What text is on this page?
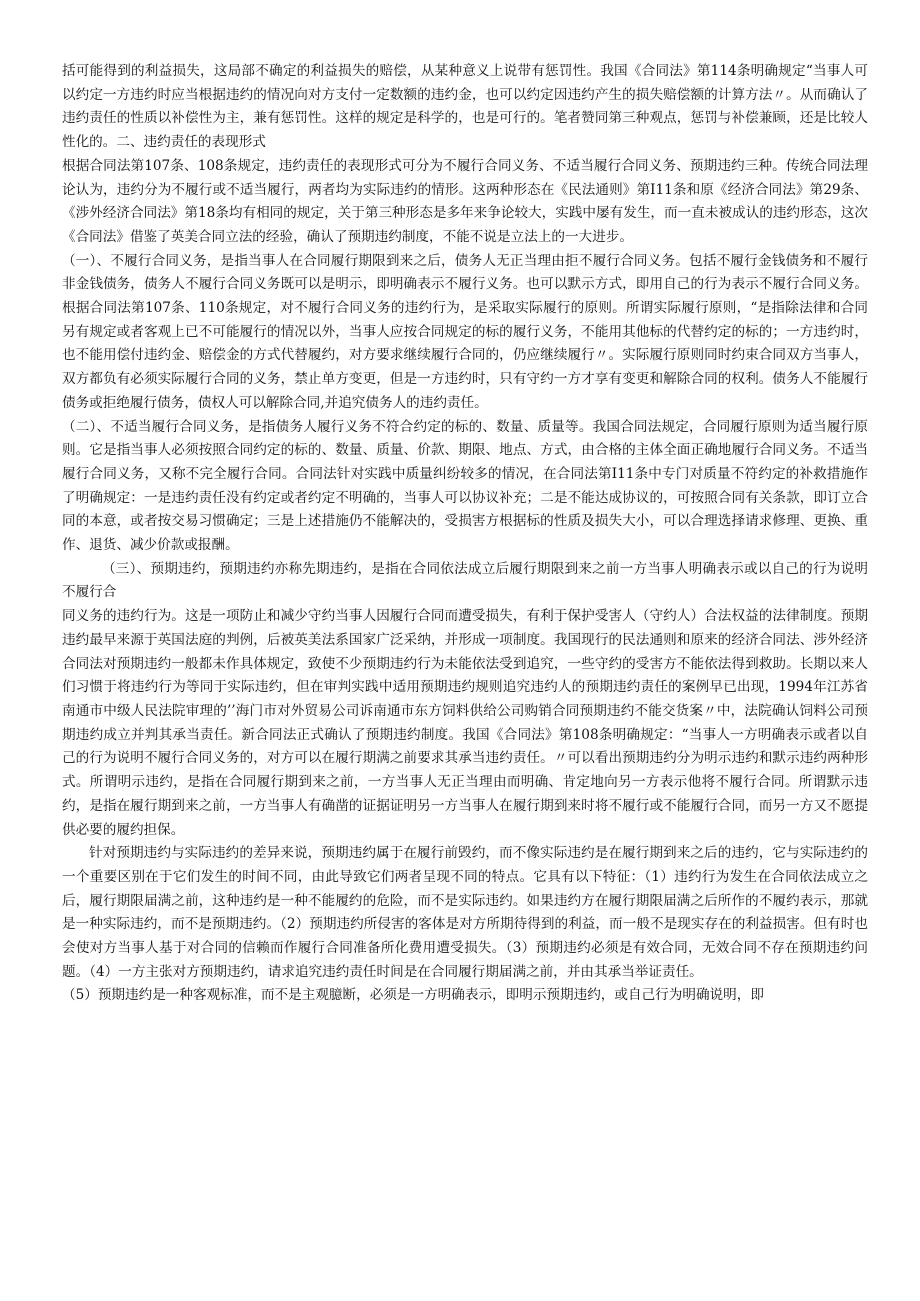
括可能得到的利益损失，这局部不确定的利益损失的赔偿，从某种意义上说带有惩罚性。我国《合同法》第114条明确规定“当事人可以约定一方违约时应当根据违约的情况向对方支付一定数额的违约金，也可以约定因违约产生的损失赔偿额的计算方法〃。从而确认了违约责任的性质以补偿性为主，兼有惩罚性。这样的规定是科学的，也是可行的。笔者赞同第三种观点，惩罚与补偿兼顾，还是比较人性化的。二、违约责任的表现形式

根据合同法第107条、108条规定，违约责任的表现形式可分为不履行合同义务、不适当履行合同义务、预期违约三种。传统合同法理论认为，违约分为不履行或不适当履行，两者均为实际违约的情形。这两种形态在《民法通则》第I11条和原《经济合同法》第29条、《涉外经济合同法》第18条均有相同的规定，关于第三种形态是多年来争论较大，实践中屡有发生，而一直未被成认的违约形态，这次《合同法》借鉴了英美合同立法的经验，确认了预期违约制度，不能不说是立法上的一大进步。

（一）、不履行合同义务，是指当事人在合同履行期限到来之后，债务人无正当理由拒不履行合同义务。包括不履行金钱债务和不履行非金钱债务，债务人不履行合同义务既可以是明示，即明确表示不履行义务。也可以默示方式，即用自己的行为表示不履行合同义务。根据合同法第107条、110条规定，对不履行合同义务的违约行为，是采取实际履行的原则。所谓实际履行原则，“是指除法律和合同另有规定或者客观上已不可能履行的情况以外，当事人应按合同规定的标的履行义务，不能用其他标的代替约定的标的；一方违约时，也不能用偿付违约金、赔偿金的方式代替履约，对方要求继续履行合同的，仍应继续履行〃。实际履行原则同时约束合同双方当事人，双方都负有必须实际履行合同的义务，禁止单方变更，但是一方违约时，只有守约一方才享有变更和解除合同的权利。债务人不能履行债务或拒绝履行债务，债权人可以解除合同,并追究债务人的违约责任。

（二）、不适当履行合同义务，是指债务人履行义务不符合约定的标的、数量、质量等。我国合同法规定，合同履行原则为适当履行原则。它是指当事人必须按照合同约定的标的、数量、质量、价款、期限、地点、方式，由合格的主体全面正确地履行合同义务。不适当履行合同义务，又称不完全履行合同。合同法针对实践中质量纠纷较多的情况，在合同法第I11条中专门对质量不符约定的补救措施作了明确规定：一是违约责任没有约定或者约定不明确的，当事人可以协议补充；二是不能达成协议的，可按照合同有关条款，即订立合同的本意，或者按交易习惯确定；三是上述措施仍不能解决的，受损害方根据标的性质及损失大小，可以合理选择请求修理、更换、重作、退货、减少价款或报酬。

（三）、预期违约，预期违约亦称先期违约，是指在合同依法成立后履行期限到来之前一方当事人明确表示或以自己的行为说明不履行合

同义务的违约行为。这是一项防止和减少守约当事人因履行合同而遭受损失，有利于保护受害人（守约人）合法权益的法律制度。预期违约最早来源于英国法庭的判例，后被英美法系国家广泛采纳，并形成一项制度。我国现行的民法通则和原来的经济合同法、涉外经济合同法对预期违约一般都未作具体规定，致使不少预期违约行为未能依法受到追究，一些守约的受害方不能依法得到救助。长期以来人们习惯于将违约行为等同于实际违约，但在审判实践中适用预期违约规则追究违约人的预期违约责任的案例早已出现，1994年江苏省南通市中级人民法院审理的’’海门市对外贸易公司诉南通市东方饲料供给公司购销合同预期违约不能交货案〃中，法院确认饲料公司预期违约成立并判其承当责任。新合同法正式确认了预期违约制度。我国《合同法》第108条明确规定：“当事人一方明确表示或者以自己的行为说明不履行合同义务的，对方可以在履行期满之前要求其承当违约责任。〃可以看出预期违约分为明示违约和默示违约两种形式。所谓明示违约，是指在合同履行期到来之前，一方当事人无正当理由而明确、肯定地向另一方表示他将不履行合同。所谓默示违约，是指在履行期到来之前，一方当事人有确凿的证据证明另一方当事人在履行期到来时将不履行或不能履行合同，而另一方又不愿提供必要的履约担保。

针对预期违约与实际违约的差异来说，预期违约属于在履行前毁约，而不像实际违约是在履行期到来之后的违约，它与实际违约的一个重要区别在于它们发生的时间不同，由此导致它们两者呈现不同的特点。它具有以下特征：（1）违约行为发生在合同依法成立之后，履行期限届满之前，这种违约是一种不能履约的危险，而不是实际违约。如果违约方在履行期限届满之后所作的不履约表示，那就是一种实际违约，而不是预期违约。（2）预期违约所侵害的客体是对方所期待得到的利益，而一般不是现实存在的利益损害。但有时也会使对方当事人基于对合同的信赖而作履行合同准备所化费用遭受损失。（3）预期违约必须是有效合同，无效合同不存在预期违约问题。（4）一方主张对方预期违约，请求追究违约责任时间是在合同履行期届满之前，并由其承当举证责任。

（5）预期违约是一种客观标准，而不是主观臆断，必须是一方明确表示，即明示预期违约，或自己行为明确说明，即
